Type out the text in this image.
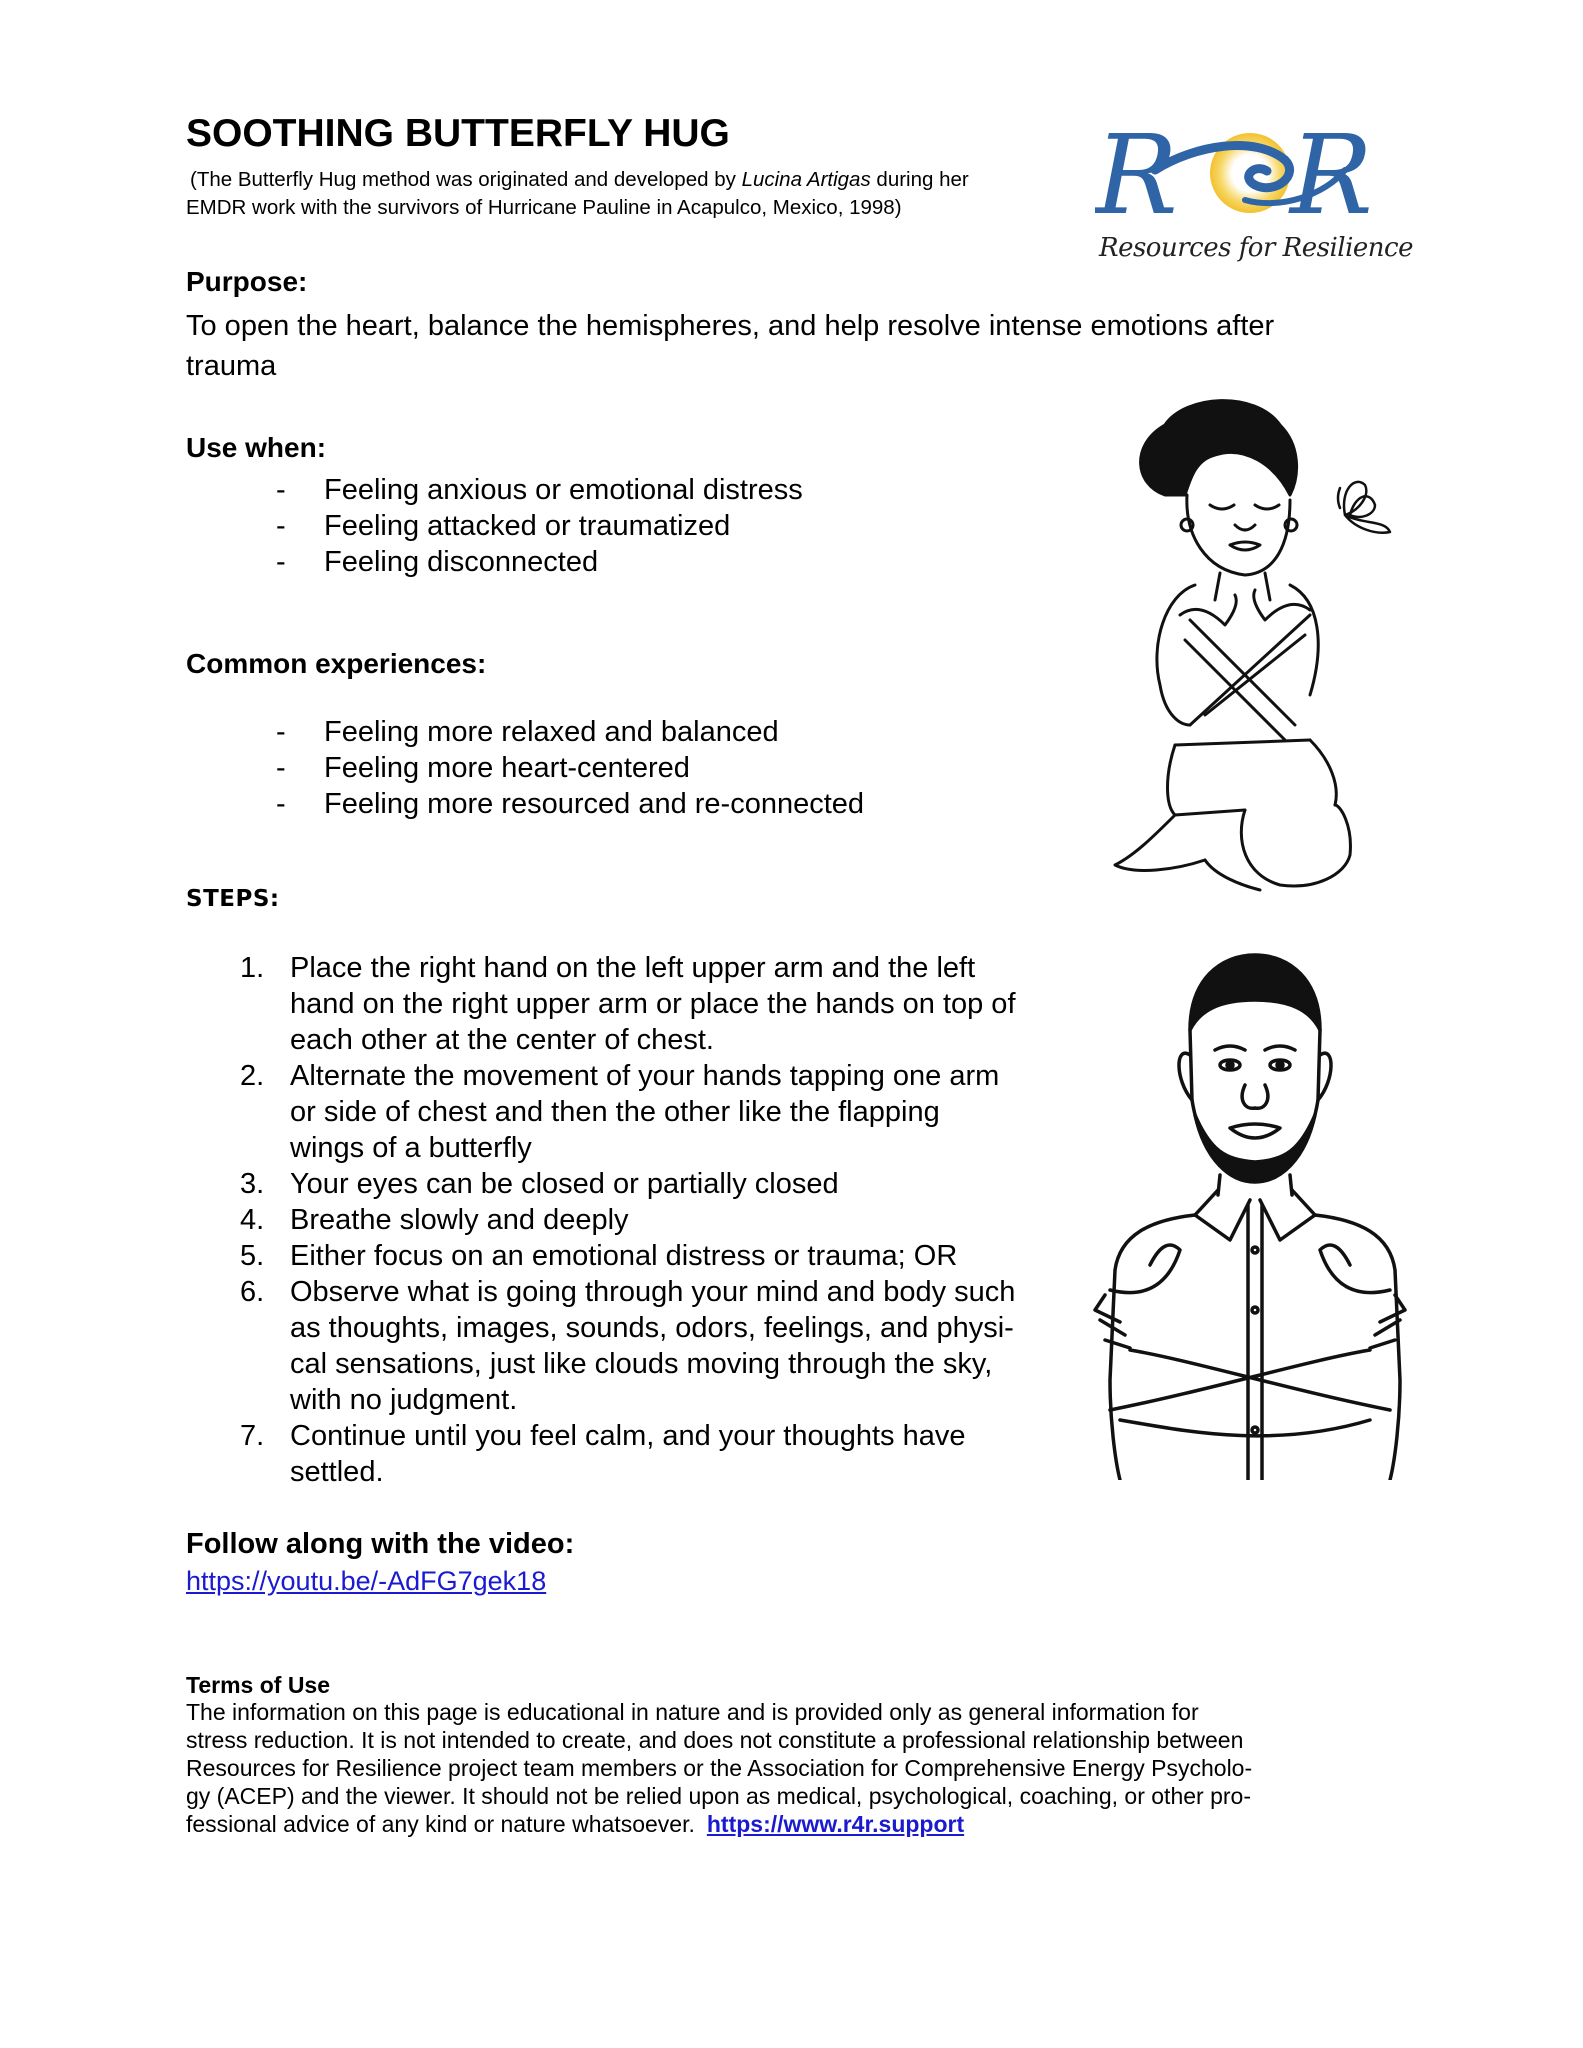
SOOTHING BUTTERFLY HUG
(The Butterfly Hug method was originated and developed by Lucina Artigas during her
EMDR work with the survivors of Hurricane Pauline in Acapulco, Mexico, 1998)	R R
Resources for Resilience
Purpose:
To open the heart, balance the hemispheres, and help resolve intense emotions after
trauma
Use when:
- Feeling anxious or emotional distress
- Feeling attacked or traumatized
- Feeling disconnected
Common experiences:
- Feeling more relaxed and balanced
- Feeling more heart-centered
- Feeling more resourced and re-connected
STEPS:
1. Place the right hand on the left upper arm and the left
hand on the right upper arm or place the hands on top of
each other at the center of chest.
2. Alternate the movement of your hands tapping one arm
or side of chest and then the other like the flapping
wings of a butterfly
3. Your eyes can be closed or partially closed
4. Breathe slowly and deeply
5. Either focus on an emotional distress or trauma; OR
6. Observe what is going through your mind and body such
as thoughts, images, sounds, odors, feelings, and physi-
cal sensations, just like clouds moving through the sky,
with no judgment.
7. Continue until you feel calm, and your thoughts have
settled.
Follow along with the video:
https://youtu.be/-AdFG7gek18
Terms of Use
The information on this page is educational in nature and is provided only as general information for
stress reduction. It is not intended to create, and does not constitute a professional relationship between
Resources for Resilience project team members or the Association for Comprehensive Energy Psycholo-
gy (ACEP) and the viewer. It should not be relied upon as medical, psychological, coaching, or other pro-
fessional advice of any kind or nature whatsoever. https://www.r4r.support
